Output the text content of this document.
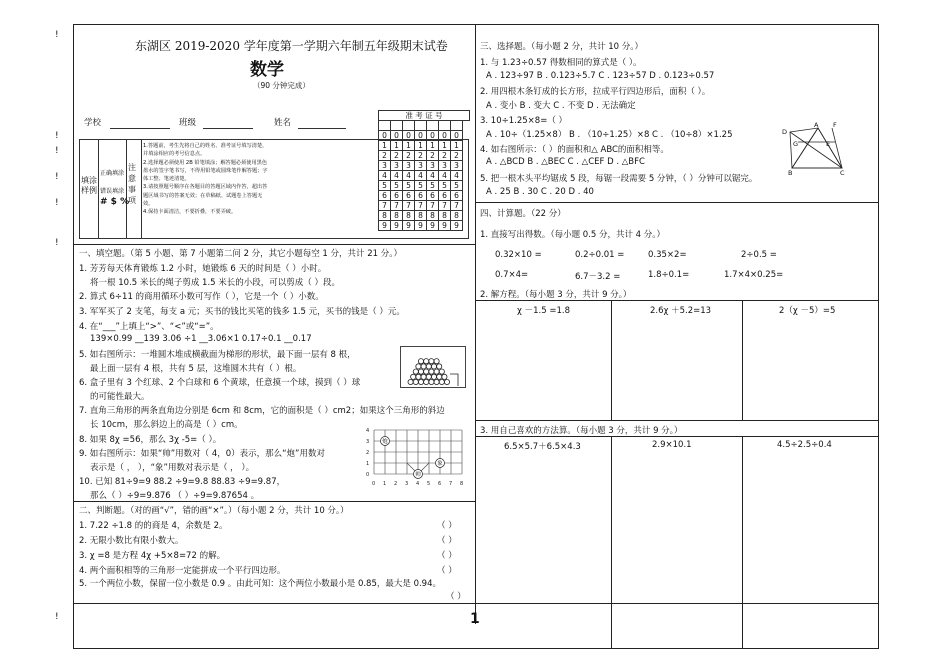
!
!
!
!
!
!
!
东湖区 2019-2020 学年度第一学期六年制五年级期末试卷
数学
（90 分钟完成）
学校	班级	姓名
准 考 证 号

0	0	0	0	0	0	0
1	1	1	1	1	1	1
2	2	2	2	2	2	2
3	3	3	3	3	3	3
4	4	4	4	4	4	4
5	5	5	5	5	5	5
6	6	6	6	6	6	6
7	7	7	7	7	7	7
8	8	8	8	8	8	8
9	9	9	9	9	9	9
填涂样例
正确填涂
错误填涂
# $ %
注意事项
1.答题前，考生先将自己的姓名、准考证号填写清楚，并填涂相应的考号信息点。
2.选择题必须使用 2B 铅笔填涂；解答题必须使用黑色墨水的签字笔书写，不得用铅笔或圆珠笔作解答题；字体工整、笔迹清楚。
3.请按照题号顺序在各题目的答题区域内作答，超出答题区域书写的答案无效；在草稿纸、试题卷上答题无效。
4.保持卡面清洁，不要折叠，不要弄破。
一、填空题。（第 5 小题、第 7 小题第二问 2 分，其它小题每空 1 分，共计 21 分。）
1. 芳芳每天体育锻炼 1.2 小时，她锻炼 6 天的时间是（ ）小时。
将一根 10.5 米长的绳子剪成 1.5 米长的小段，可以剪成（ ）段。
2. 算式 6÷11 的商用循环小数可写作（ ），它是一个（ ）小数。
3. 军军买了 2 支笔，每支 a 元；买书的钱比买笔的钱多 1.5 元，买书的钱是（ ）元。
4. 在“___”上填上“>”、“<”或“=”。
139×0.99 __139 3.06 ÷1 __3.06×1 0.17÷0.1 __0.17
5. 如右图所示：一堆圆木堆成横截面为梯形的形状，最下面一层有 8 根，
最上面一层有 4 根，共有 5 层，这堆圆木共有（ ）根。
6. 盒子里有 3 个红球、2 个白球和 6 个黄球，任意摸一个球，摸到（ ）球
的可能性最大。
7. 直角三角形的两条直角边分别是 6cm 和 8cm，它的面积是（ ）cm2；如果这个三角形的斜边
长 10cm，那么斜边上的高是（ ）cm。
8. 如果 8χ =56，那么 3χ -5=（ ）。
9. 如右图所示：如果“帅”用数对（ 4，0）表示，那么“炮”用数对
表示是（ ， ），“象”用数对表示是（ ， ）。
10. 已知 81÷9=9 88.2 ÷9=9.8 88.83 ÷9=9.87，
那么（ ）÷9=9.876 （ ）÷9=9.87654 。
4
3
2
1
0
0 1 2 3 4 5 6 7 8
炮
帅
象
二、判断题。（对的画“√”，错的画“×”。）（每小题 2 分，共计 10 分。）
1. 7.22 ÷1.8 的的商是 4，余数是 2。
2. 无限小数比有限小数大。
3. χ =8 是方程 4χ +5×8=72 的解。
4. 两个面积相等的三角形一定能拼成一个平行四边形。
5. 一个两位小数，保留一位小数是 0.9 。由此可知：这个两位小数最小是 0.85，最大是 0.94。
（ ）
（ ）
（ ）
（ ）
（ ）
三、选择题。（每小题 2 分，共计 10 分。）
1. 与 1.23÷0.57 得数相同的算式是（ ）。
A . 123÷97 B . 0.123÷5.7 C . 123÷57 D . 0.123÷0.57
2. 用四根木条钉成的长方形，拉成平行四边形后，面积（ ）。
A . 变小 B . 变大 C . 不变 D . 无法确定
3. 10÷1.25×8=（ ）
A . 10÷（1.25×8） B . （10÷1.25）×8 C . （10÷8）×1.25
4. 如右图所示：（ ）的面积和△ ABC的面积相等。
A . △BCD B . △BEC C . △CEF D . △BFC
5. 把一根木头平均锯成 5 段，每锯一段需要 5 分钟，（ ）分钟可以锯完。
A . 25 B . 30 C . 20 D . 40
A F
D
G	E
B	C
四、计算题。（22 分）
1. 直接写出得数。（每小题 0.5 分，共计 4 分。）
0.32×10 =	0.2÷0.01 =	0.35×2=	2÷0.5 =
0.7×4=	6.7－3.2 =	1.8÷0.1=	1.7×4×0.25=
2. 解方程。（每小题 3 分，共计 9 分。）
χ －1.5 =1.8	2.6χ ＋5.2=13	2（χ －5）=5
3. 用自己喜欢的方法算。（每小题 3 分，共计 9 分。）
6.5×5.7＋6.5×4.3	2.9×10.1	4.5÷2.5÷0.4
1
